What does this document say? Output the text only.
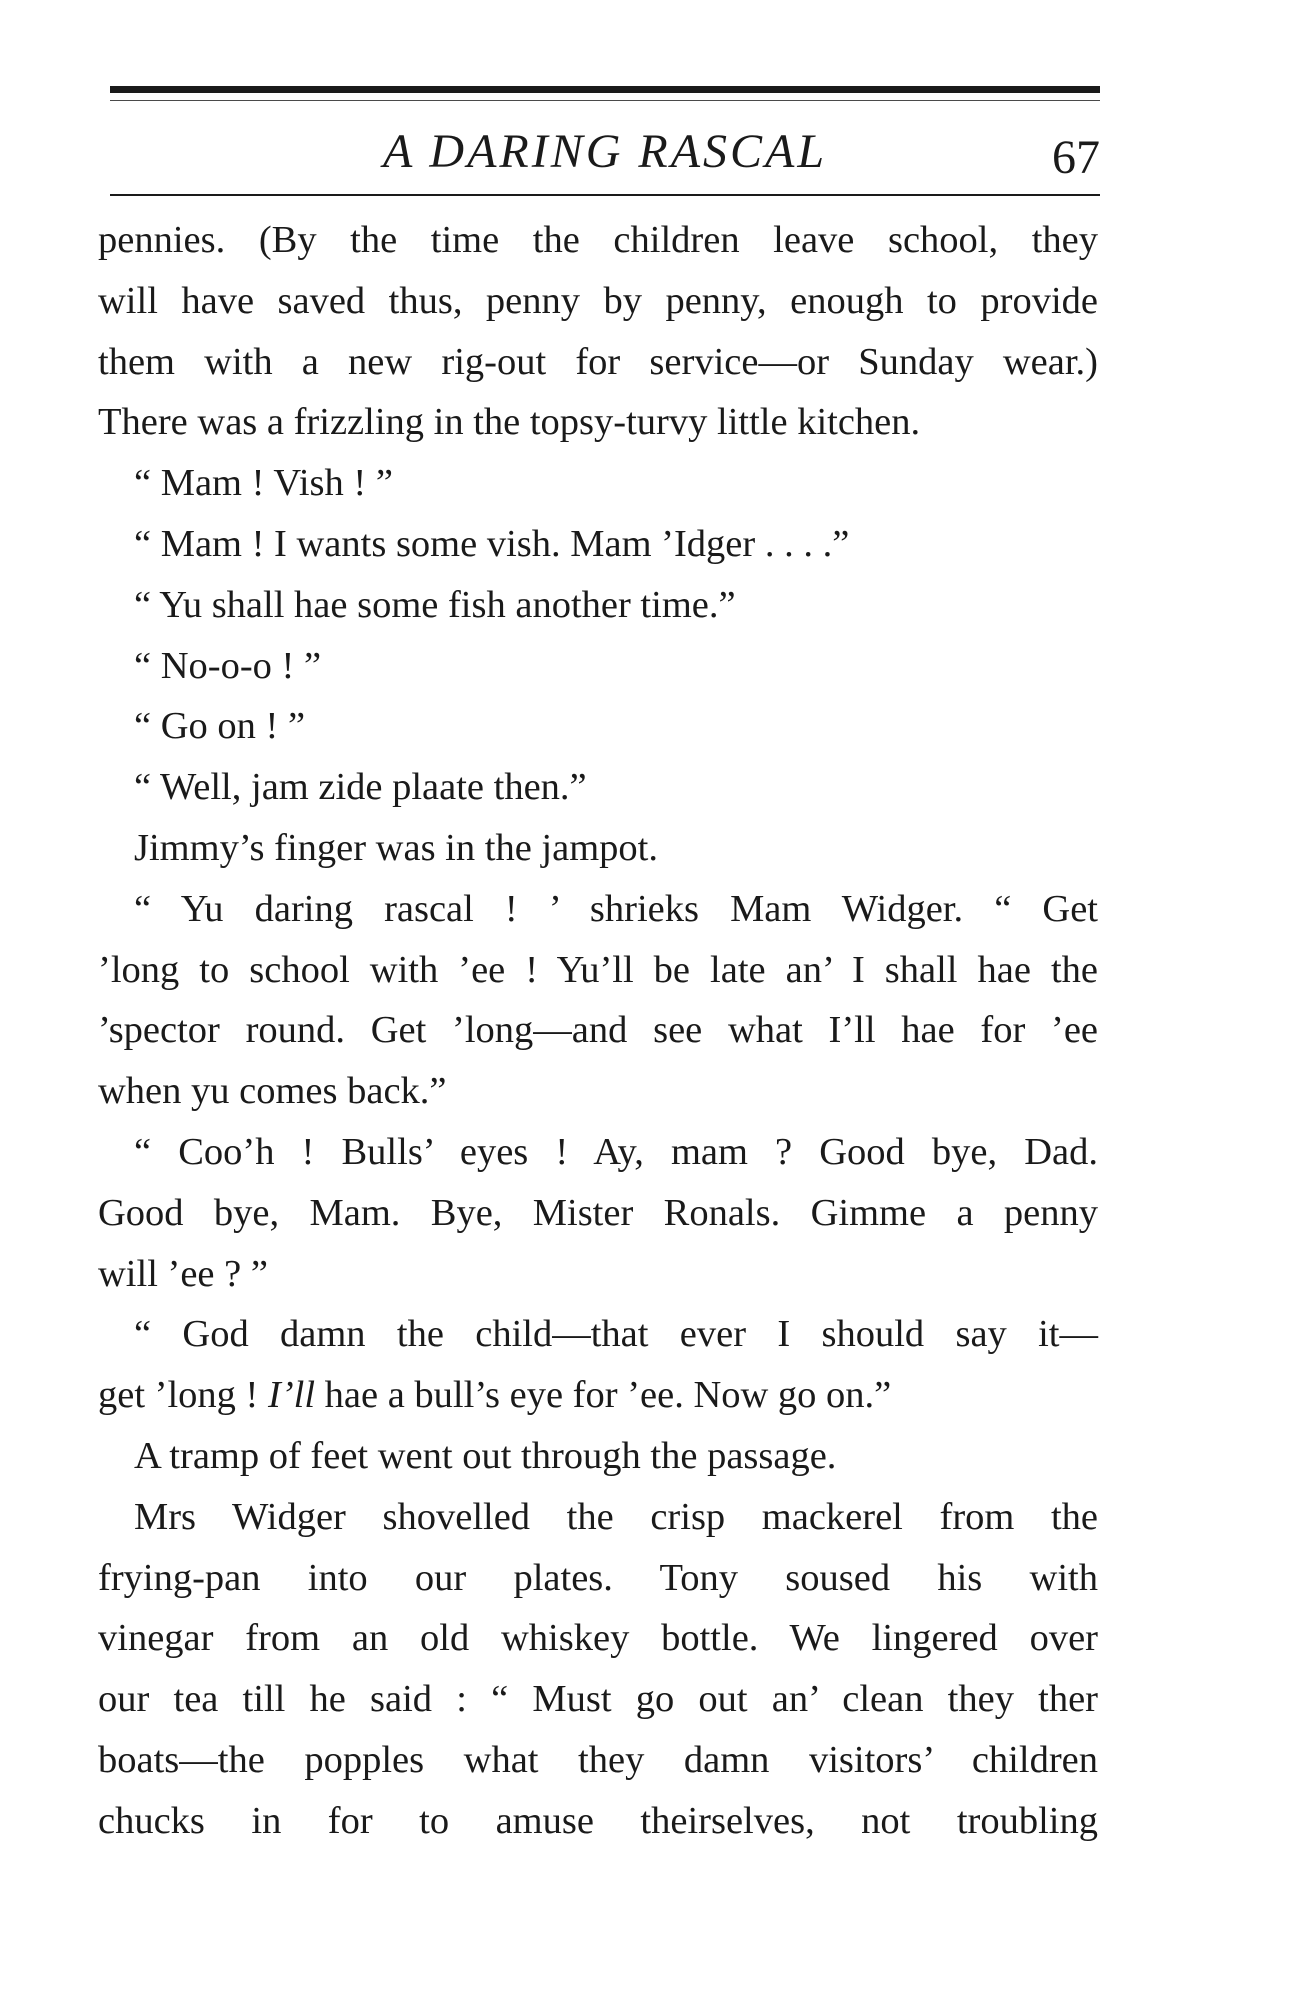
A DARING RASCAL	67
pennies. (By the time the children leave school, they
will have saved thus, penny by penny, enough to provide
them with a new rig-out for service—or Sunday wear.)
There was a frizzling in the topsy-turvy little kitchen.
“ Mam ! Vish ! ”
“ Mam ! I wants some vish. Mam ’Idger . . . .”
“ Yu shall hae some fish another time.”
“ No-o-o ! ”
“ Go on ! ”
“ Well, jam zide plaate then.”
Jimmy’s finger was in the jampot.
“ Yu daring rascal ! ’ shrieks Mam Widger. “ Get
’long to school with ’ee ! Yu’ll be late an’ I shall hae the
’spector round. Get ’long—and see what I’ll hae for ’ee
when yu comes back.”
“ Coo’h ! Bulls’ eyes ! Ay, mam ? Good bye, Dad.
Good bye, Mam. Bye, Mister Ronals. Gimme a penny
will ’ee ? ”
“ God damn the child—that ever I should say it—
get ’long ! I’ll hae a bull’s eye for ’ee. Now go on.”
A tramp of feet went out through the passage.
Mrs Widger shovelled the crisp mackerel from the
frying-pan into our plates. Tony soused his with
vinegar from an old whiskey bottle. We lingered over
our tea till he said : “ Must go out an’ clean they ther
boats—the popples what they damn visitors’ children
chucks in for to amuse theirselves, not troubling
